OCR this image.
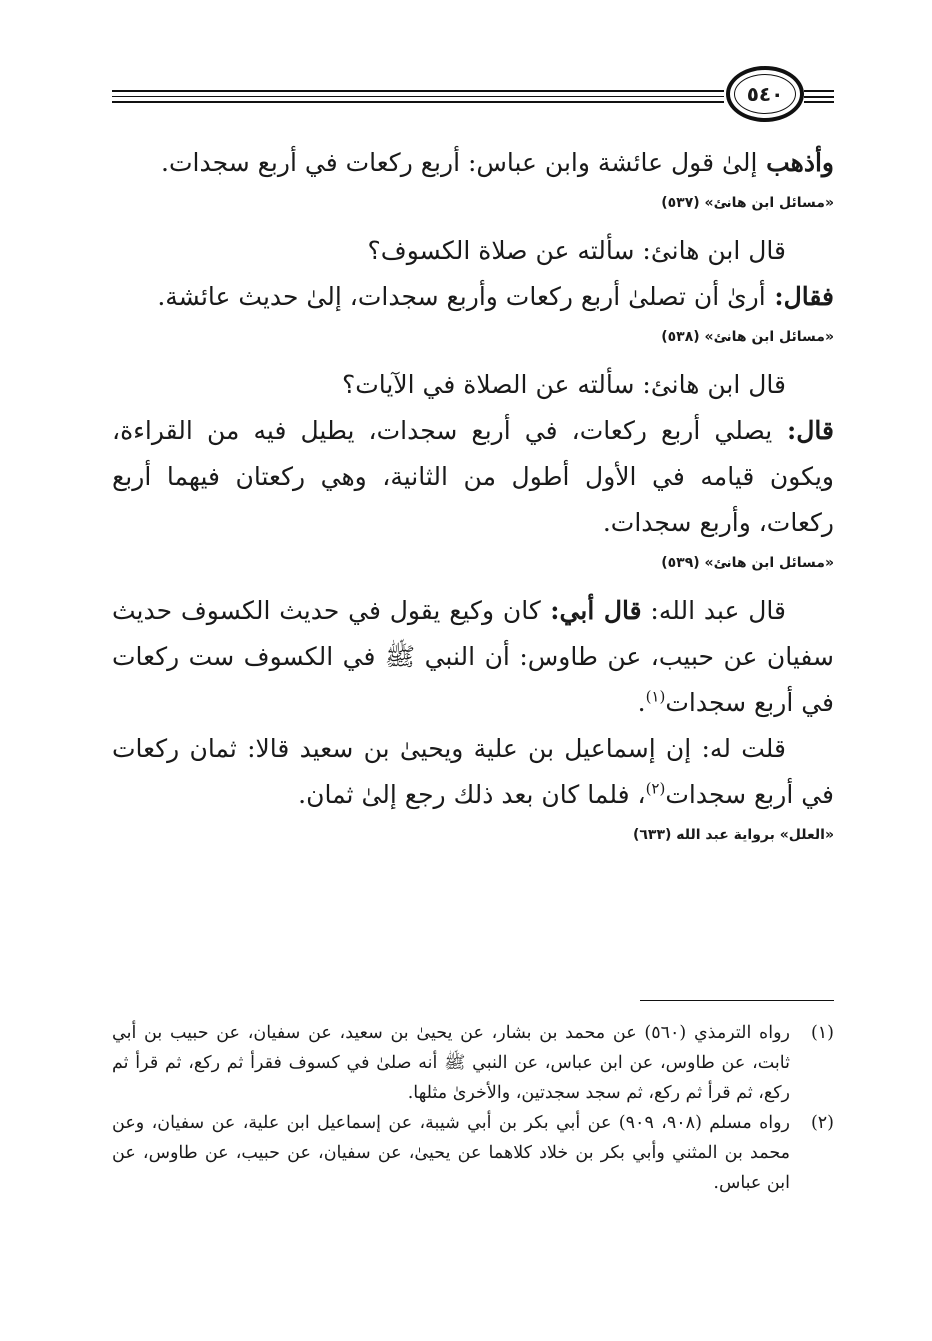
٥٤٠

وأذهب إلىٰ قول عائشة وابن عباس: أربع ركعات في أربع سجدات.

«مسائل ابن هانئ» (٥٣٧)

قال ابن هانئ: سألته عن صلاة الكسوف؟

فقال: أرىٰ أن تصلىٰ أربع ركعات وأربع سجدات، إلىٰ حديث عائشة.

«مسائل ابن هانئ» (٥٣٨)

قال ابن هانئ: سألته عن الصلاة في الآيات؟

قال: يصلي أربع ركعات، في أربع سجدات، يطيل فيه من القراءة، ويكون قيامه في الأول أطول من الثانية، وهي ركعتان فيهما أربع ركعات، وأربع سجدات.

«مسائل ابن هانئ» (٥٣٩)

قال عبد الله: قال أبي: كان وكيع يقول في حديث الكسوف حديث سفيان عن حبيب، عن طاوس: أن النبي ﷺ في الكسوف ست ركعات في أربع سجدات$^{(١)}$.

قلت له: إن إسماعيل بن علية ويحيىٰ بن سعيد قالا: ثمان ركعات في أربع سجدات$^{(٢)}$، فلما كان بعد ذلك رجع إلىٰ ثمان.

«العلل» برواية عبد الله (٦٣٣)

(١)
رواه الترمذي (٥٦٠) عن محمد بن بشار، عن يحيىٰ بن سعيد، عن سفيان، عن حبيب بن أبي ثابت، عن طاوس، عن ابن عباس، عن النبي ﷺ أنه صلىٰ في كسوف فقرأ ثم ركع، ثم قرأ ثم ركع، ثم قرأ ثم ركع، ثم سجد سجدتين، والأخرىٰ مثلها.
(٢)
رواه مسلم (٩٠٨، ٩٠٩) عن أبي بكر بن أبي شيبة، عن إسماعيل ابن علية، عن سفيان، وعن محمد بن المثني وأبي بكر بن خلاد كلاهما عن يحيىٰ، عن سفيان، عن حبيب، عن طاوس، عن ابن عباس.
